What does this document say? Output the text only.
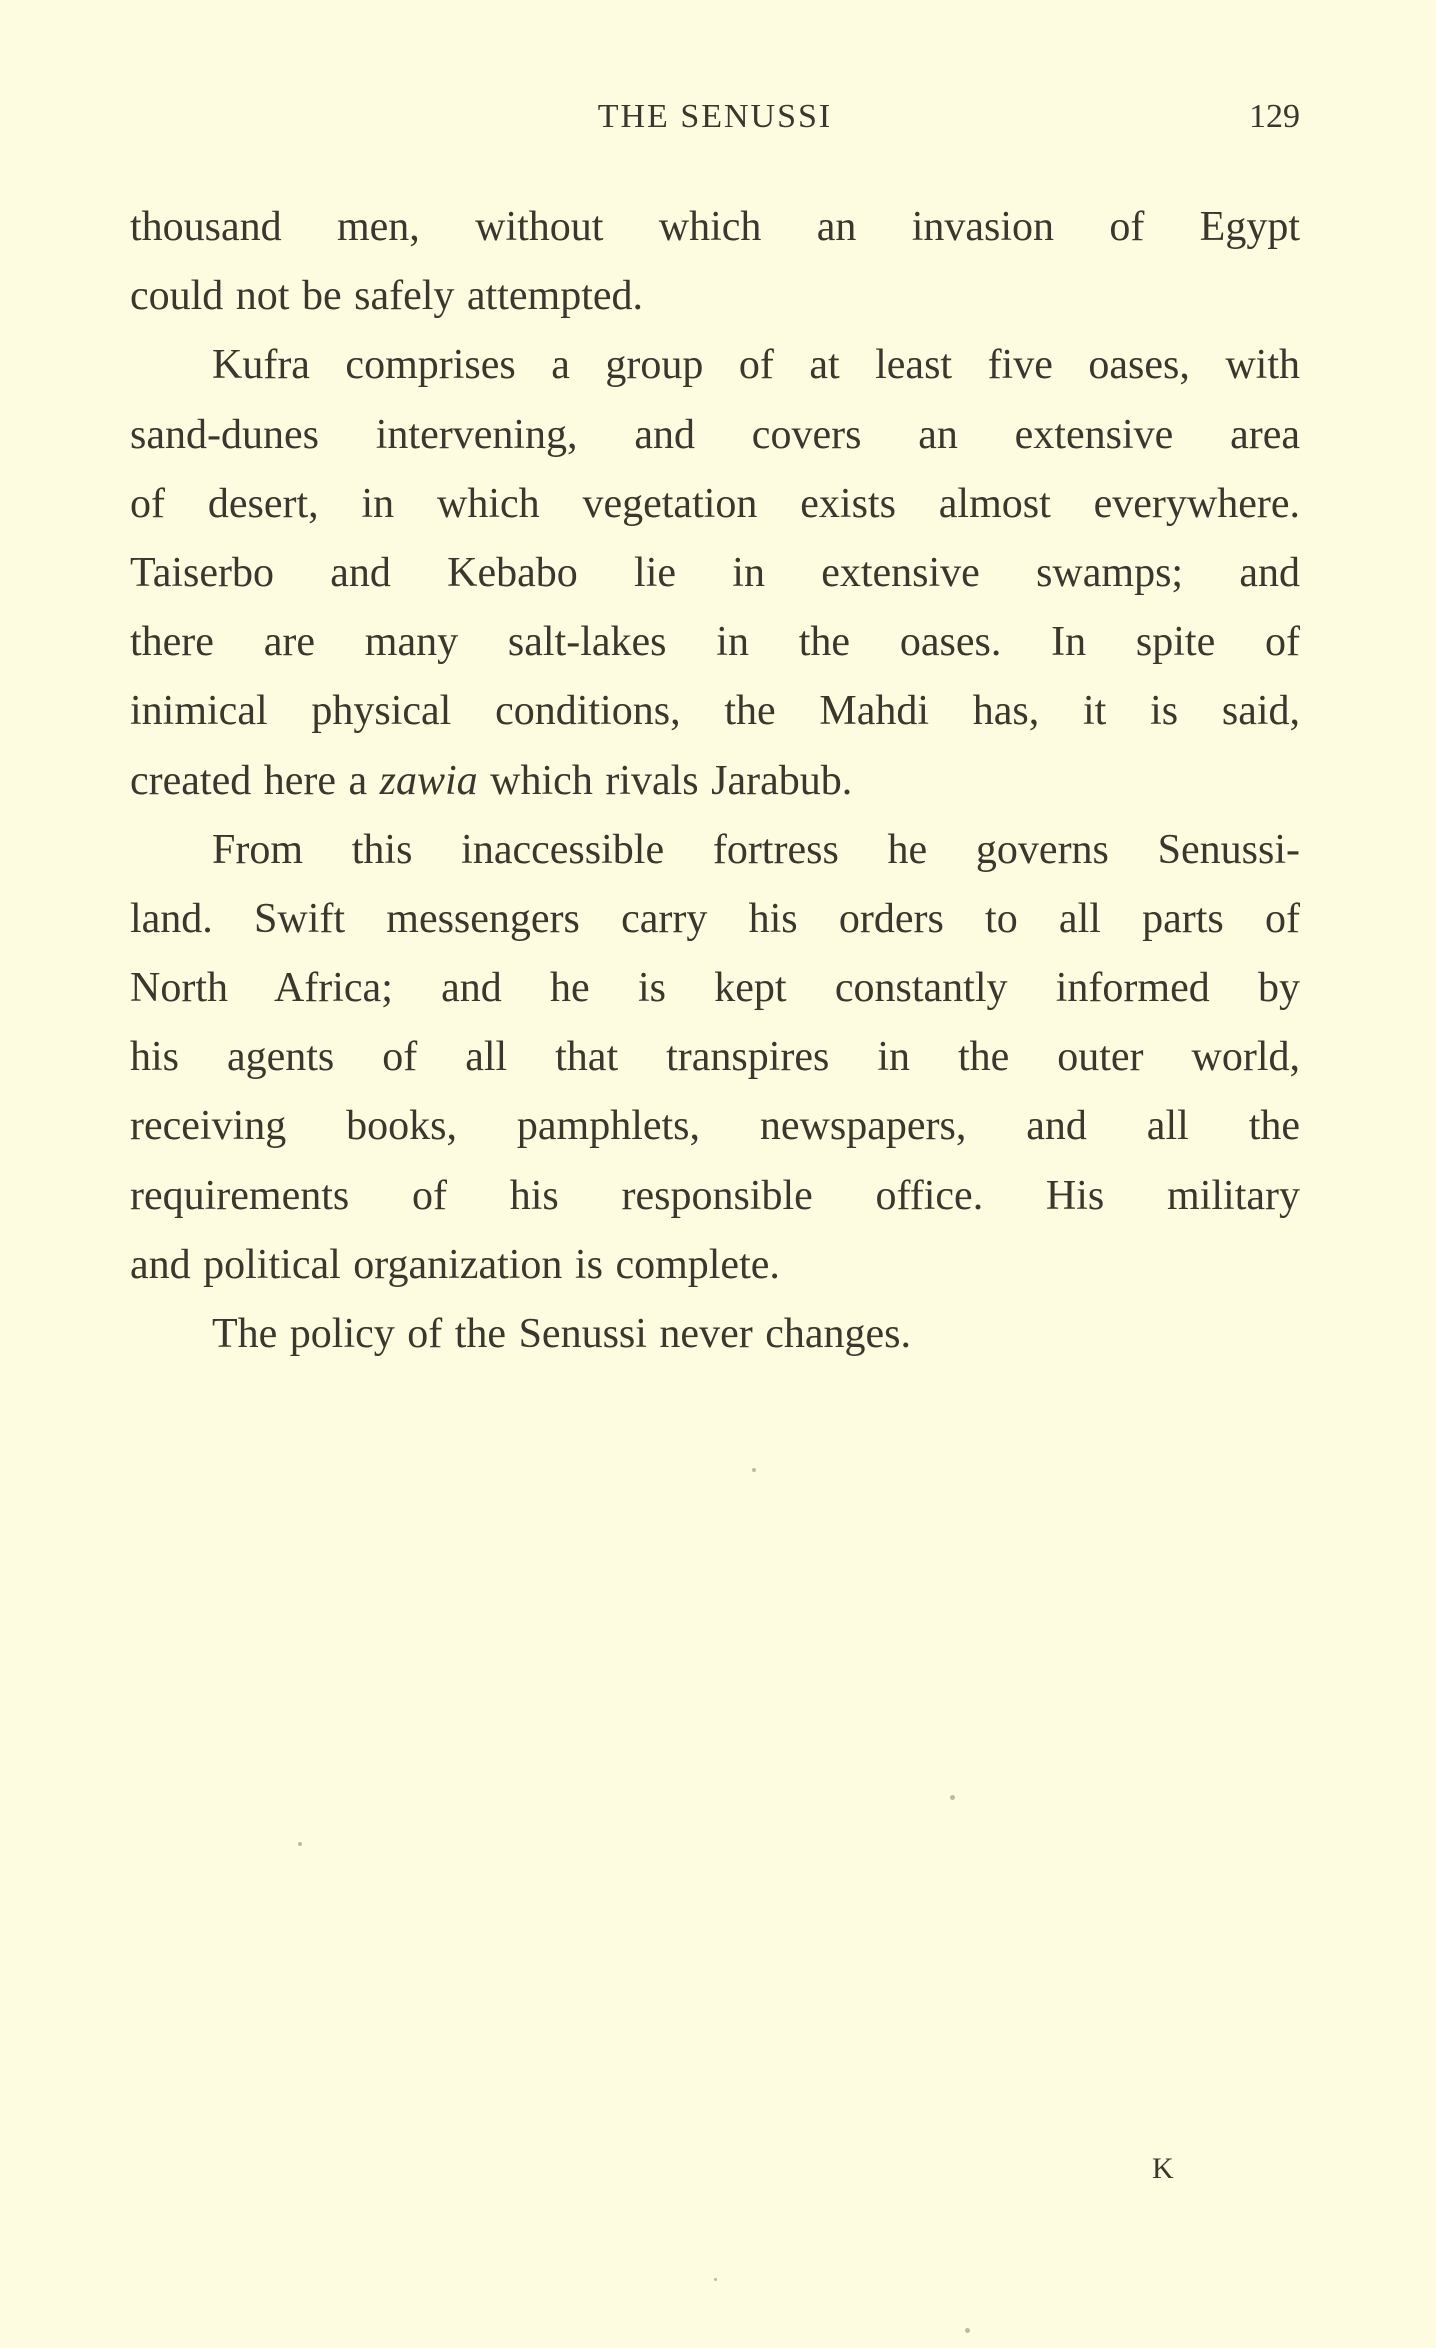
THE SENUSSI	129
thousand men, without which an invasion of Egypt
could not be safely attempted.
Kufra comprises a group of at least five oases, with
sand-dunes intervening, and covers an extensive area
of desert, in which vegetation exists almost everywhere.
Taiserbo and Kebabo lie in extensive swamps; and
there are many salt-lakes in the oases. In spite of
inimical physical conditions, the Mahdi has, it is said,
created here a zawia which rivals Jarabub.
From this inaccessible fortress he governs Senussi-
land. Swift messengers carry his orders to all parts of
North Africa; and he is kept constantly informed by
his agents of all that transpires in the outer world,
receiving books, pamphlets, newspapers, and all the
requirements of his responsible office. His military
and political organization is complete.
The policy of the Senussi never changes.
K
